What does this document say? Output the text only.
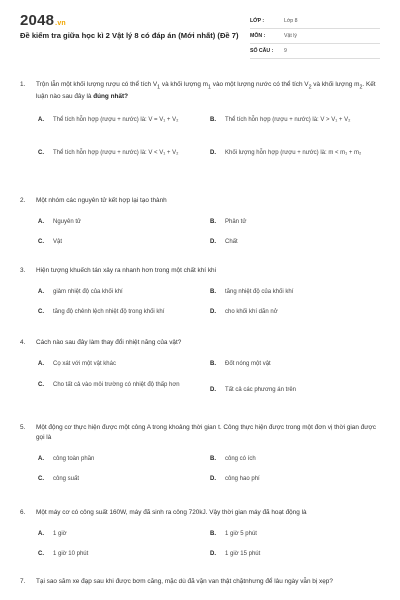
2048.vn
Đề kiểm tra giữa học kì 2 Vật lý 8 có đáp án (Mới nhất) (Đề 7)
LỚP :	Lớp 8
MÔN :	Vật lý
SỐ CÂU :	9
1.	Trộn lẫn một khối lượng rượu có thể tích $V_1$ và khối lượng $m_1$ vào một lượng nước có thể tích $V_2$ và khối lượng $m_2$. Kết luận nào sau đây là đúng nhất?
A.	Thể tích hỗn hợp (rượu + nước) là: V = V₁ + V₂	B.	Thể tích hỗn hợp (rượu + nước) là: V > V₁ + V₂
C.	Thể tích hỗn hợp (rượu + nước) là: V < V₁ + V₂	D.	Khối lượng hỗn hợp (rượu + nước) là: m < m₁ + m₂
2.	Một nhóm các nguyên tử kết hợp lại tạo thành
A.	Nguyên tử	B.	Phân tử
C.	Vật	D.	Chất
3.	Hiện tượng khuếch tán xảy ra nhanh hơn trong một chất khí khi
A.	giảm nhiệt độ của khối khí	B.	tăng nhiệt độ của khối khí
C.	tăng độ chênh lệch nhiệt độ trong khối khí	D.	cho khối khí dãn nở
4.	Cách nào sau đây làm thay đổi nhiệt năng của vật?
A.	Cọ xát với một vật khác	B.	Đốt nóng một vật
C.	Cho tất cả vào môi trường có nhiệt độ thấp hơn
D.	Tất cả các phương án trên
5.	Một động cơ thực hiện được một công A trong khoảng thời gian t. Công thực hiện được trong một đơn vị thời gian được gọi là
A.	công toàn phần	B.	công có ích
C.	công suất	D.	công hao phí
6.	Một máy cơ có công suất 160W, máy đã sinh ra công 720kJ. Vậy thời gian máy đã hoạt động là
A.	1 giờ	B.	1 giờ 5 phút
C.	1 giờ 10 phút	D.	1 giờ 15 phút
7.	Tại sao săm xe đạp sau khi được bơm căng, mặc dù đã vặn van thật chặtnhưng để lâu ngày vẫn bị xẹp?
